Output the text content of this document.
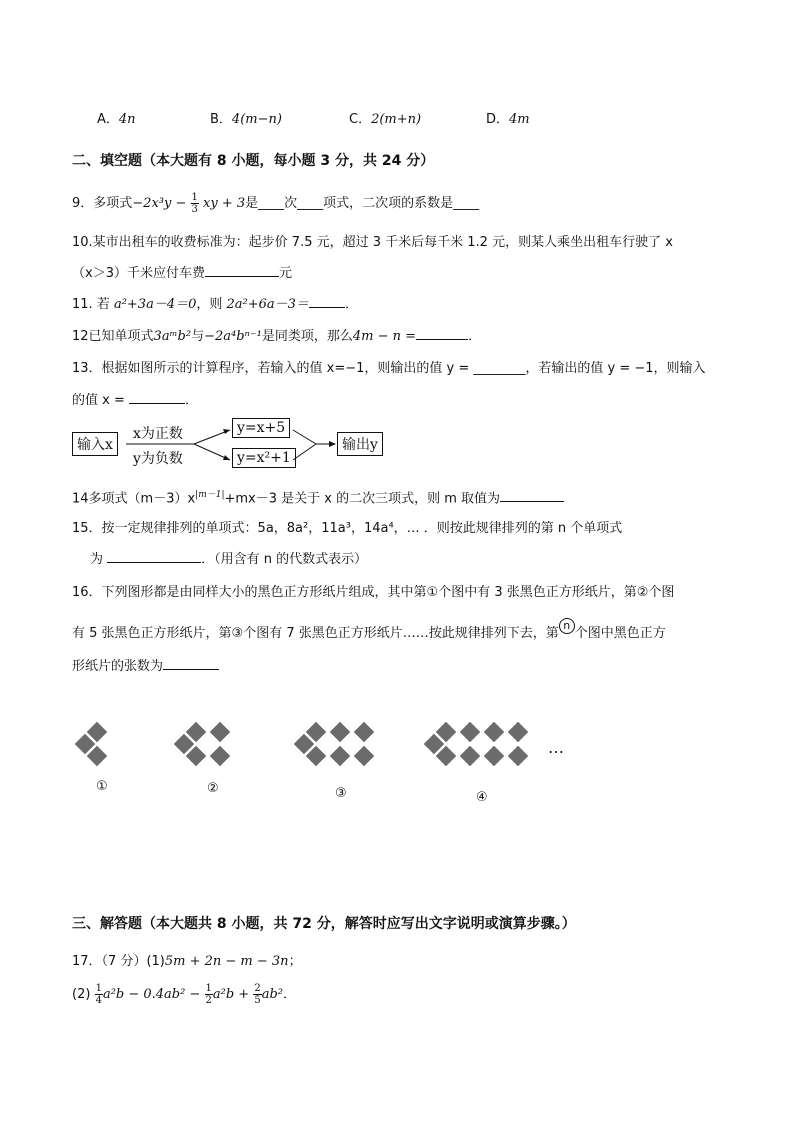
A．4n	B．4(m−n)	C．2(m+n)	D．4m
二、填空题（本大题有 8 小题，每小题 3 分，共 24 分）
9．多项式$-2x^3y - \frac{1}{3}$ xy + 3是____次____项式，二次项的系数是____
10.某市出租车的收费标准为：起步价 7.5 元，超过 3 千米后每千米 1.2 元，则某人乘坐出租车行驶了 x
（x＞3）千米应付车费	元
11. 若 a²+3a－4＝0，则 2a²+6a－3＝	．
12已知单项式3aᵐb²与−2a⁴bⁿ⁻¹是同类项，那么4m − n =	．
13．根据如图所示的计算程序，若输入的值 x=−1，则输出的值 y = ________，若输出的值 y = −1，则输入
的值 x =	．
输入x
x为正数
y为负数
y=x+5
y=x²+1
输出y
14多项式$(m-3)x^{|m-1|}+mx-3$ 是关于 x 的二次三项式，则 m 取值为
15．按一定规律排列的单项式：5a，8a²，11a³，14a⁴，… ．则按此规律排列的第 n 个单项式
为	．（用含有 n 的代数式表示）
16．下列图形都是由同样大小的黑色正方形纸片组成，其中第①个图中有 3 张黑色正方形纸片，第②个图
有 5 张黑色正方形纸片，第③个图有 7 张黑色正方形纸片……按此规律排列下去，第n个图中黑色正方
形纸片的张数为
…
①	②	③	④
三、解答题（本大题共 8 小题，共 72 分，解答时应写出文字说明或演算步骤。）
17．（7 分）(1)5m + 2n − m − 3n；
$(2) \frac{1}{4} a^2b - 0.4ab^2 - \frac{1}{2} a^2b + \frac{2}{5} ab^2$．
